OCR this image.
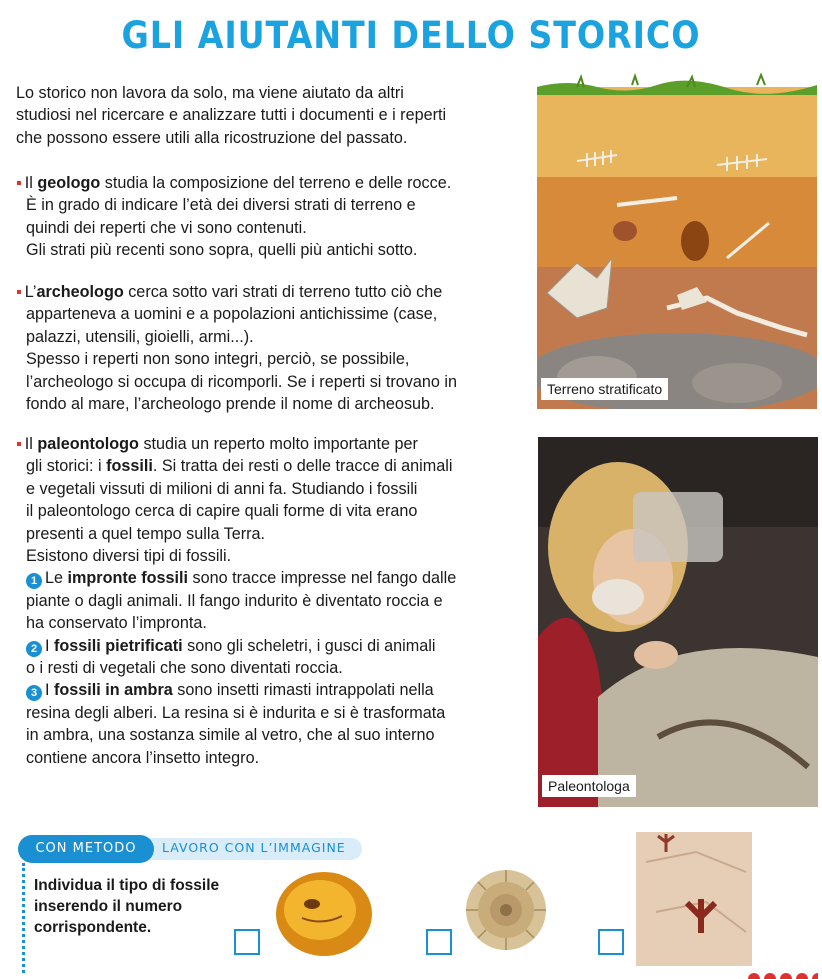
GLI AIUTANTI DELLO STORICO
Lo storico non lavora da solo, ma viene aiutato da altri
studiosi nel ricercare e analizzare tutti i documenti e i reperti
che possono essere utili alla ricostruzione del passato.
▪ Il geologo studia la composizione del terreno e delle rocce.
È in grado di indicare l’età dei diversi strati di terreno e
quindi dei reperti che vi sono contenuti.
Gli strati più recenti sono sopra, quelli più antichi sotto.
▪ L’archeologo cerca sotto vari strati di terreno tutto ciò che
apparteneva a uomini e a popolazioni antichissime (case,
palazzi, utensili, gioielli, armi...).
Spesso i reperti non sono integri, perciò, se possibile,
l’archeologo si occupa di ricomporli. Se i reperti si trovano in
fondo al mare, l’archeologo prende il nome di archeosub.
▪ Il paleontologo studia un reperto molto importante per
gli storici: i fossili. Si tratta dei resti o delle tracce di animali
e vegetali vissuti di milioni di anni fa. Studiando i fossili
il paleontologo cerca di capire quali forme di vita erano
presenti a quel tempo sulla Terra.
Esistono diversi tipi di fossili.
1 Le impronte fossili sono tracce impresse nel fango dalle
piante o dagli animali. Il fango indurito è diventato roccia e
ha conservato l’impronta.
2 I fossili pietrificati sono gli scheletri, i gusci di animali
o i resti di vegetali che sono diventati roccia.
3 I fossili in ambra sono insetti rimasti intrappolati nella
resina degli alberi. La resina si è indurita e si è trasformata
in ambra, una sostanza simile al vetro, che al suo interno
contiene ancora l’insetto integro.
Terreno stratificato
Paleontologa
CON METODO	LAVORO CON L’IMMAGINE
Individua il tipo di fossile
inserendo il numero
corrispondente.
